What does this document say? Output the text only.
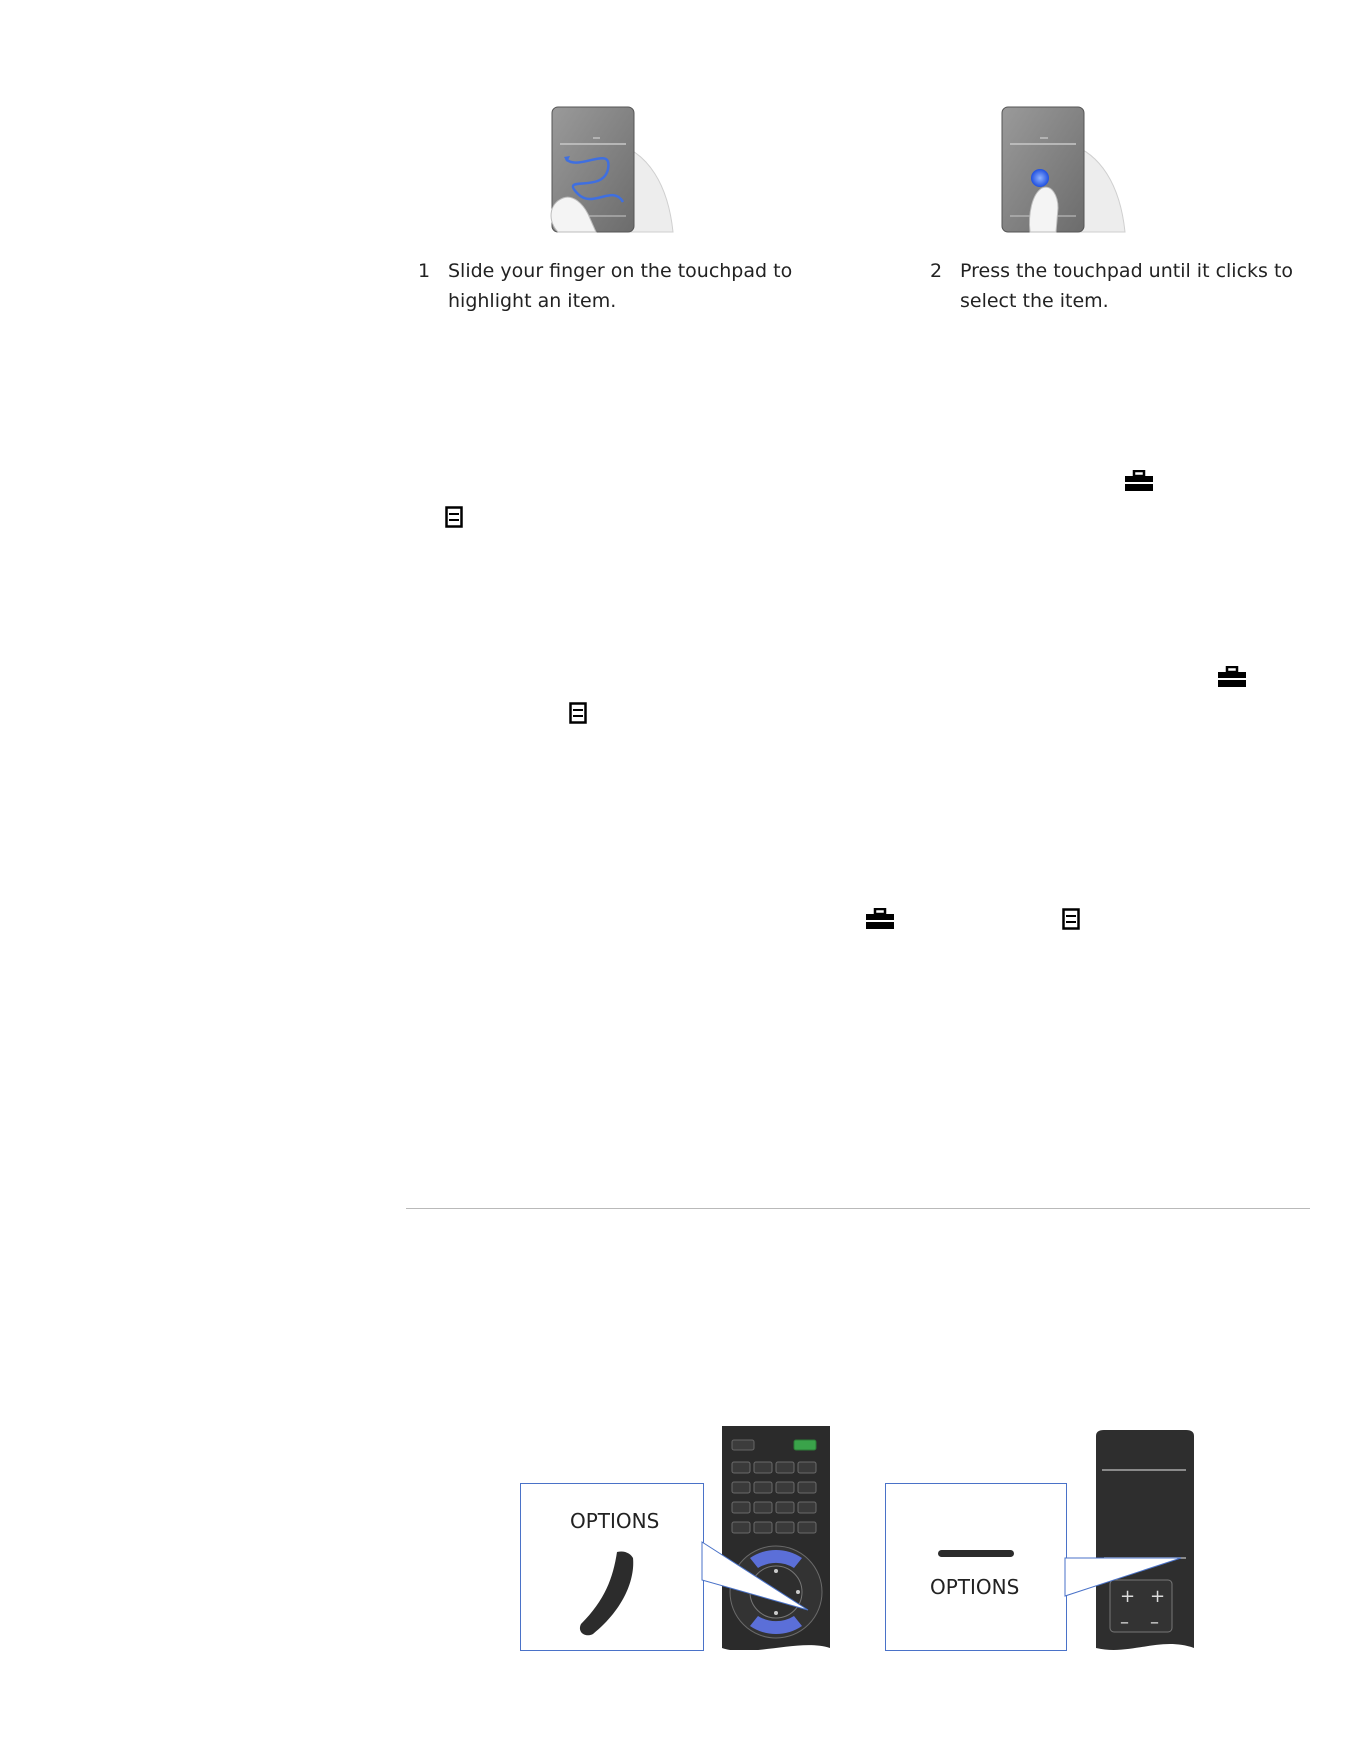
1 Slide your finger on the touchpad to
highlight an item.
2 Press the touchpad until it clicks to
select the item.
OPTIONS
+ +
– –
OPTIONS
